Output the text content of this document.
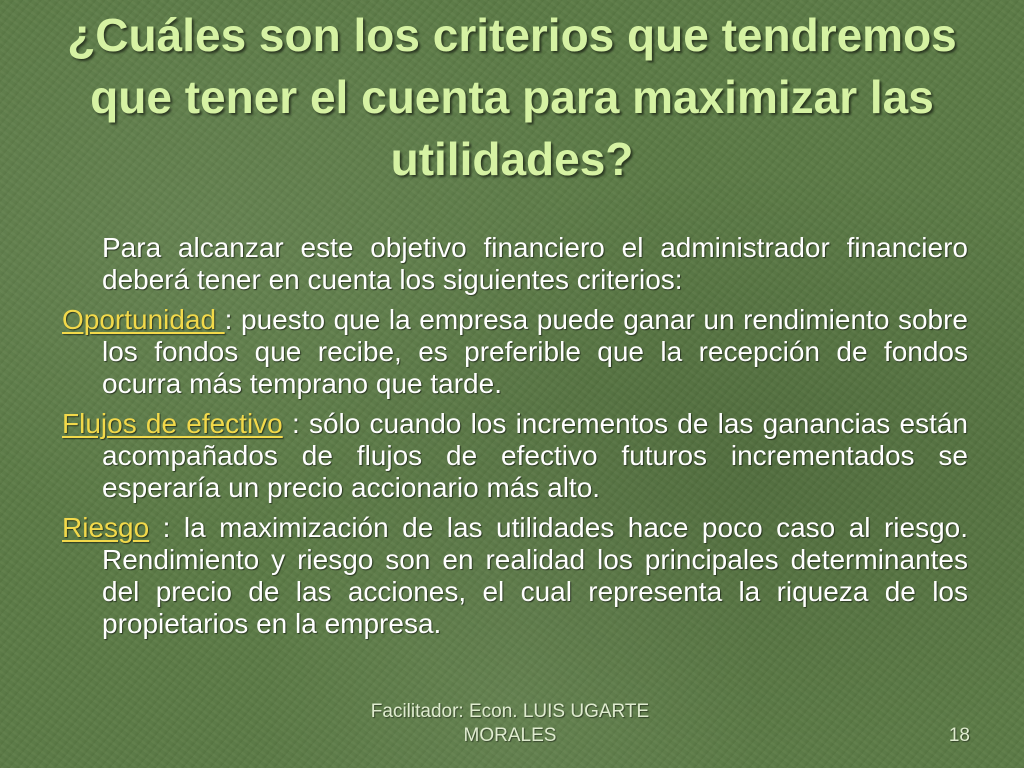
¿Cuáles son los criterios que tendremos que tener el cuenta para maximizar las utilidades?

Para alcanzar este objetivo financiero el administrador financiero deberá tener en cuenta los siguientes criterios:

Oportunidad : puesto que la empresa puede ganar un rendimiento sobre los fondos que recibe, es preferible que la recepción de fondos ocurra más temprano que tarde.

Flujos de efectivo : sólo cuando los incrementos de las ganancias están acompañados de flujos de efectivo futuros incrementados se esperaría un precio accionario más alto.

Riesgo : la maximización de las utilidades hace poco caso al riesgo. Rendimiento y riesgo son en realidad los principales determinantes del precio de las acciones, el cual representa la riqueza de los propietarios en la empresa.

Facilitador: Econ. LUIS UGARTE MORALES	18
